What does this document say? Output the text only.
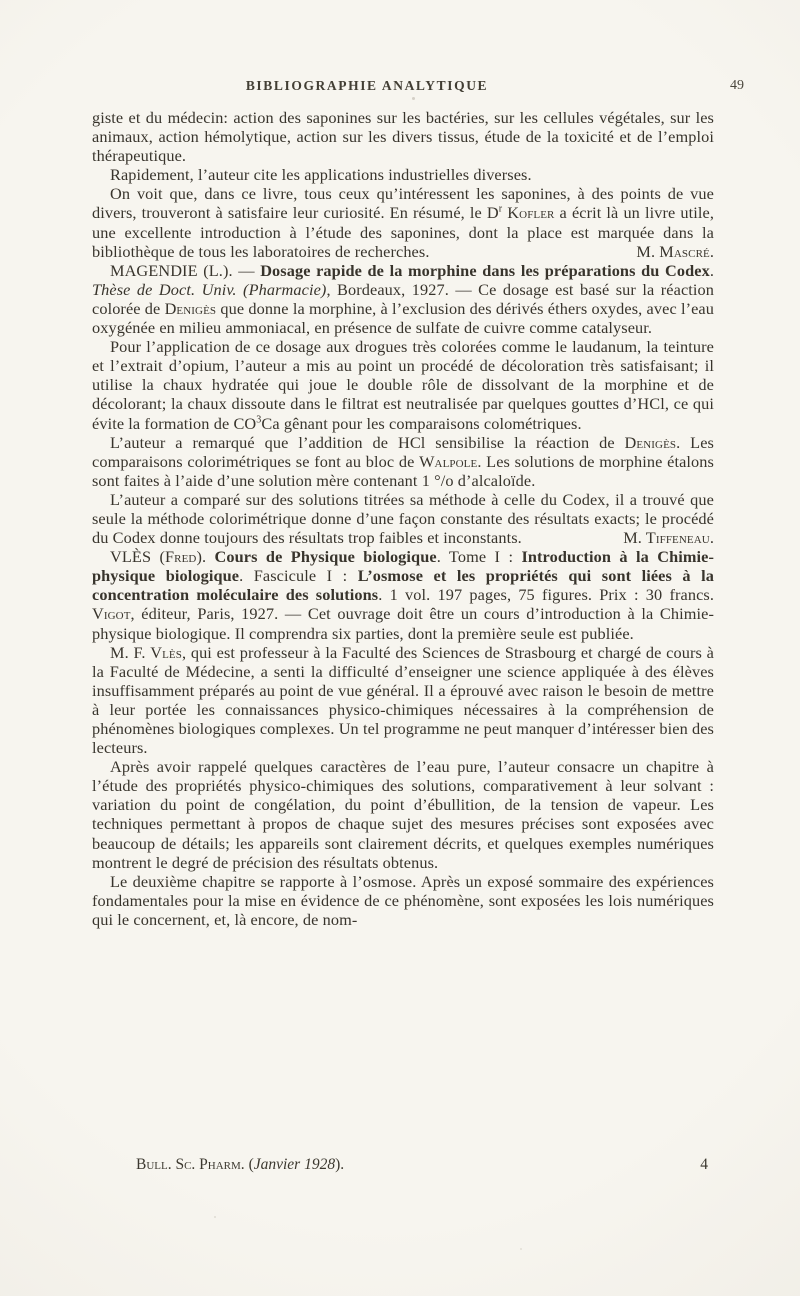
BIBLIOGRAPHIE ANALYTIQUE	49

giste et du médecin: action des saponines sur les bactéries, sur les cellules végétales, sur les animaux, action hémolytique, action sur les divers tissus, étude de la toxicité et de l’emploi thérapeutique.

Rapidement, l’auteur cite les applications industrielles diverses.

On voit que, dans ce livre, tous ceux qu’intéressent les saponines, à des points de vue divers, trouveront à satisfaire leur curiosité. En résumé, le $D^r$ Kofler a écrit là un livre utile, une excellente introduction à l’étude des saponines, dont la place est marquée dans la bibliothèque de tous les laboratoires de recherches.	M. Mascré.

MAGENDIE (L.). — Dosage rapide de la morphine dans les préparations du Codex. Thèse de Doct. Univ. (Pharmacie), Bordeaux, 1927. — Ce dosage est basé sur la réaction colorée de Denigès que donne la morphine, à l’exclusion des dérivés éthers oxydes, avec l’eau oxygénée en milieu ammoniacal, en présence de sulfate de cuivre comme catalyseur.

Pour l’application de ce dosage aux drogues très colorées comme le laudanum, la teinture et l’extrait d’opium, l’auteur a mis au point un procédé de décoloration très satisfaisant; il utilise la chaux hydratée qui joue le double rôle de dissolvant de la morphine et de décolorant; la chaux dissoute dans le filtrat est neutralisée par quelques gouttes d’HCl, ce qui évite la formation de $CO^3Ca$ gênant pour les comparaisons colométriques.

L’auteur a remarqué que l’addition de HCl sensibilise la réaction de Denigès. Les comparaisons colorimétriques se font au bloc de Walpole. Les solutions de morphine étalons sont faites à l’aide d’une solution mère contenant 1 °/o d’alcaloïde.

L’auteur a comparé sur des solutions titrées sa méthode à celle du Codex, il a trouvé que seule la méthode colorimétrique donne d’une façon constante des résultats exacts; le procédé du Codex donne toujours des résultats trop faibles et inconstants.	M. Tiffeneau.

VLÈS (Fred). Cours de Physique biologique. Tome I : Introduction à la Chimie-physique biologique. Fascicule I : L’osmose et les propriétés qui sont liées à la concentration moléculaire des solutions. 1 vol. 197 pages, 75 figures. Prix : 30 francs. Vigot, éditeur, Paris, 1927. — Cet ouvrage doit être un cours d’introduction à la Chimie-physique biologique. Il comprendra six parties, dont la première seule est publiée.

M. F. Vlès, qui est professeur à la Faculté des Sciences de Strasbourg et chargé de cours à la Faculté de Médecine, a senti la difficulté d’enseigner une science appliquée à des élèves insuffisamment préparés au point de vue général. Il a éprouvé avec raison le besoin de mettre à leur portée les connaissances physico-chimiques nécessaires à la compréhension de phénomènes biologiques complexes. Un tel programme ne peut manquer d’intéresser bien des lecteurs.

Après avoir rappelé quelques caractères de l’eau pure, l’auteur consacre un chapitre à l’étude des propriétés physico-chimiques des solutions, comparativement à leur solvant : variation du point de congélation, du point d’ébullition, de la tension de vapeur. Les techniques permettant à propos de chaque sujet des mesures précises sont exposées avec beaucoup de détails; les appareils sont clairement décrits, et quelques exemples numériques montrent le degré de précision des résultats obtenus.

Le deuxième chapitre se rapporte à l’osmose. Après un exposé sommaire des expériences fondamentales pour la mise en évidence de ce phénomène, sont exposées les lois numériques qui le concernent, et, là encore, de nom-

Bull. Sc. Pharm. (Janvier 1928).	4
